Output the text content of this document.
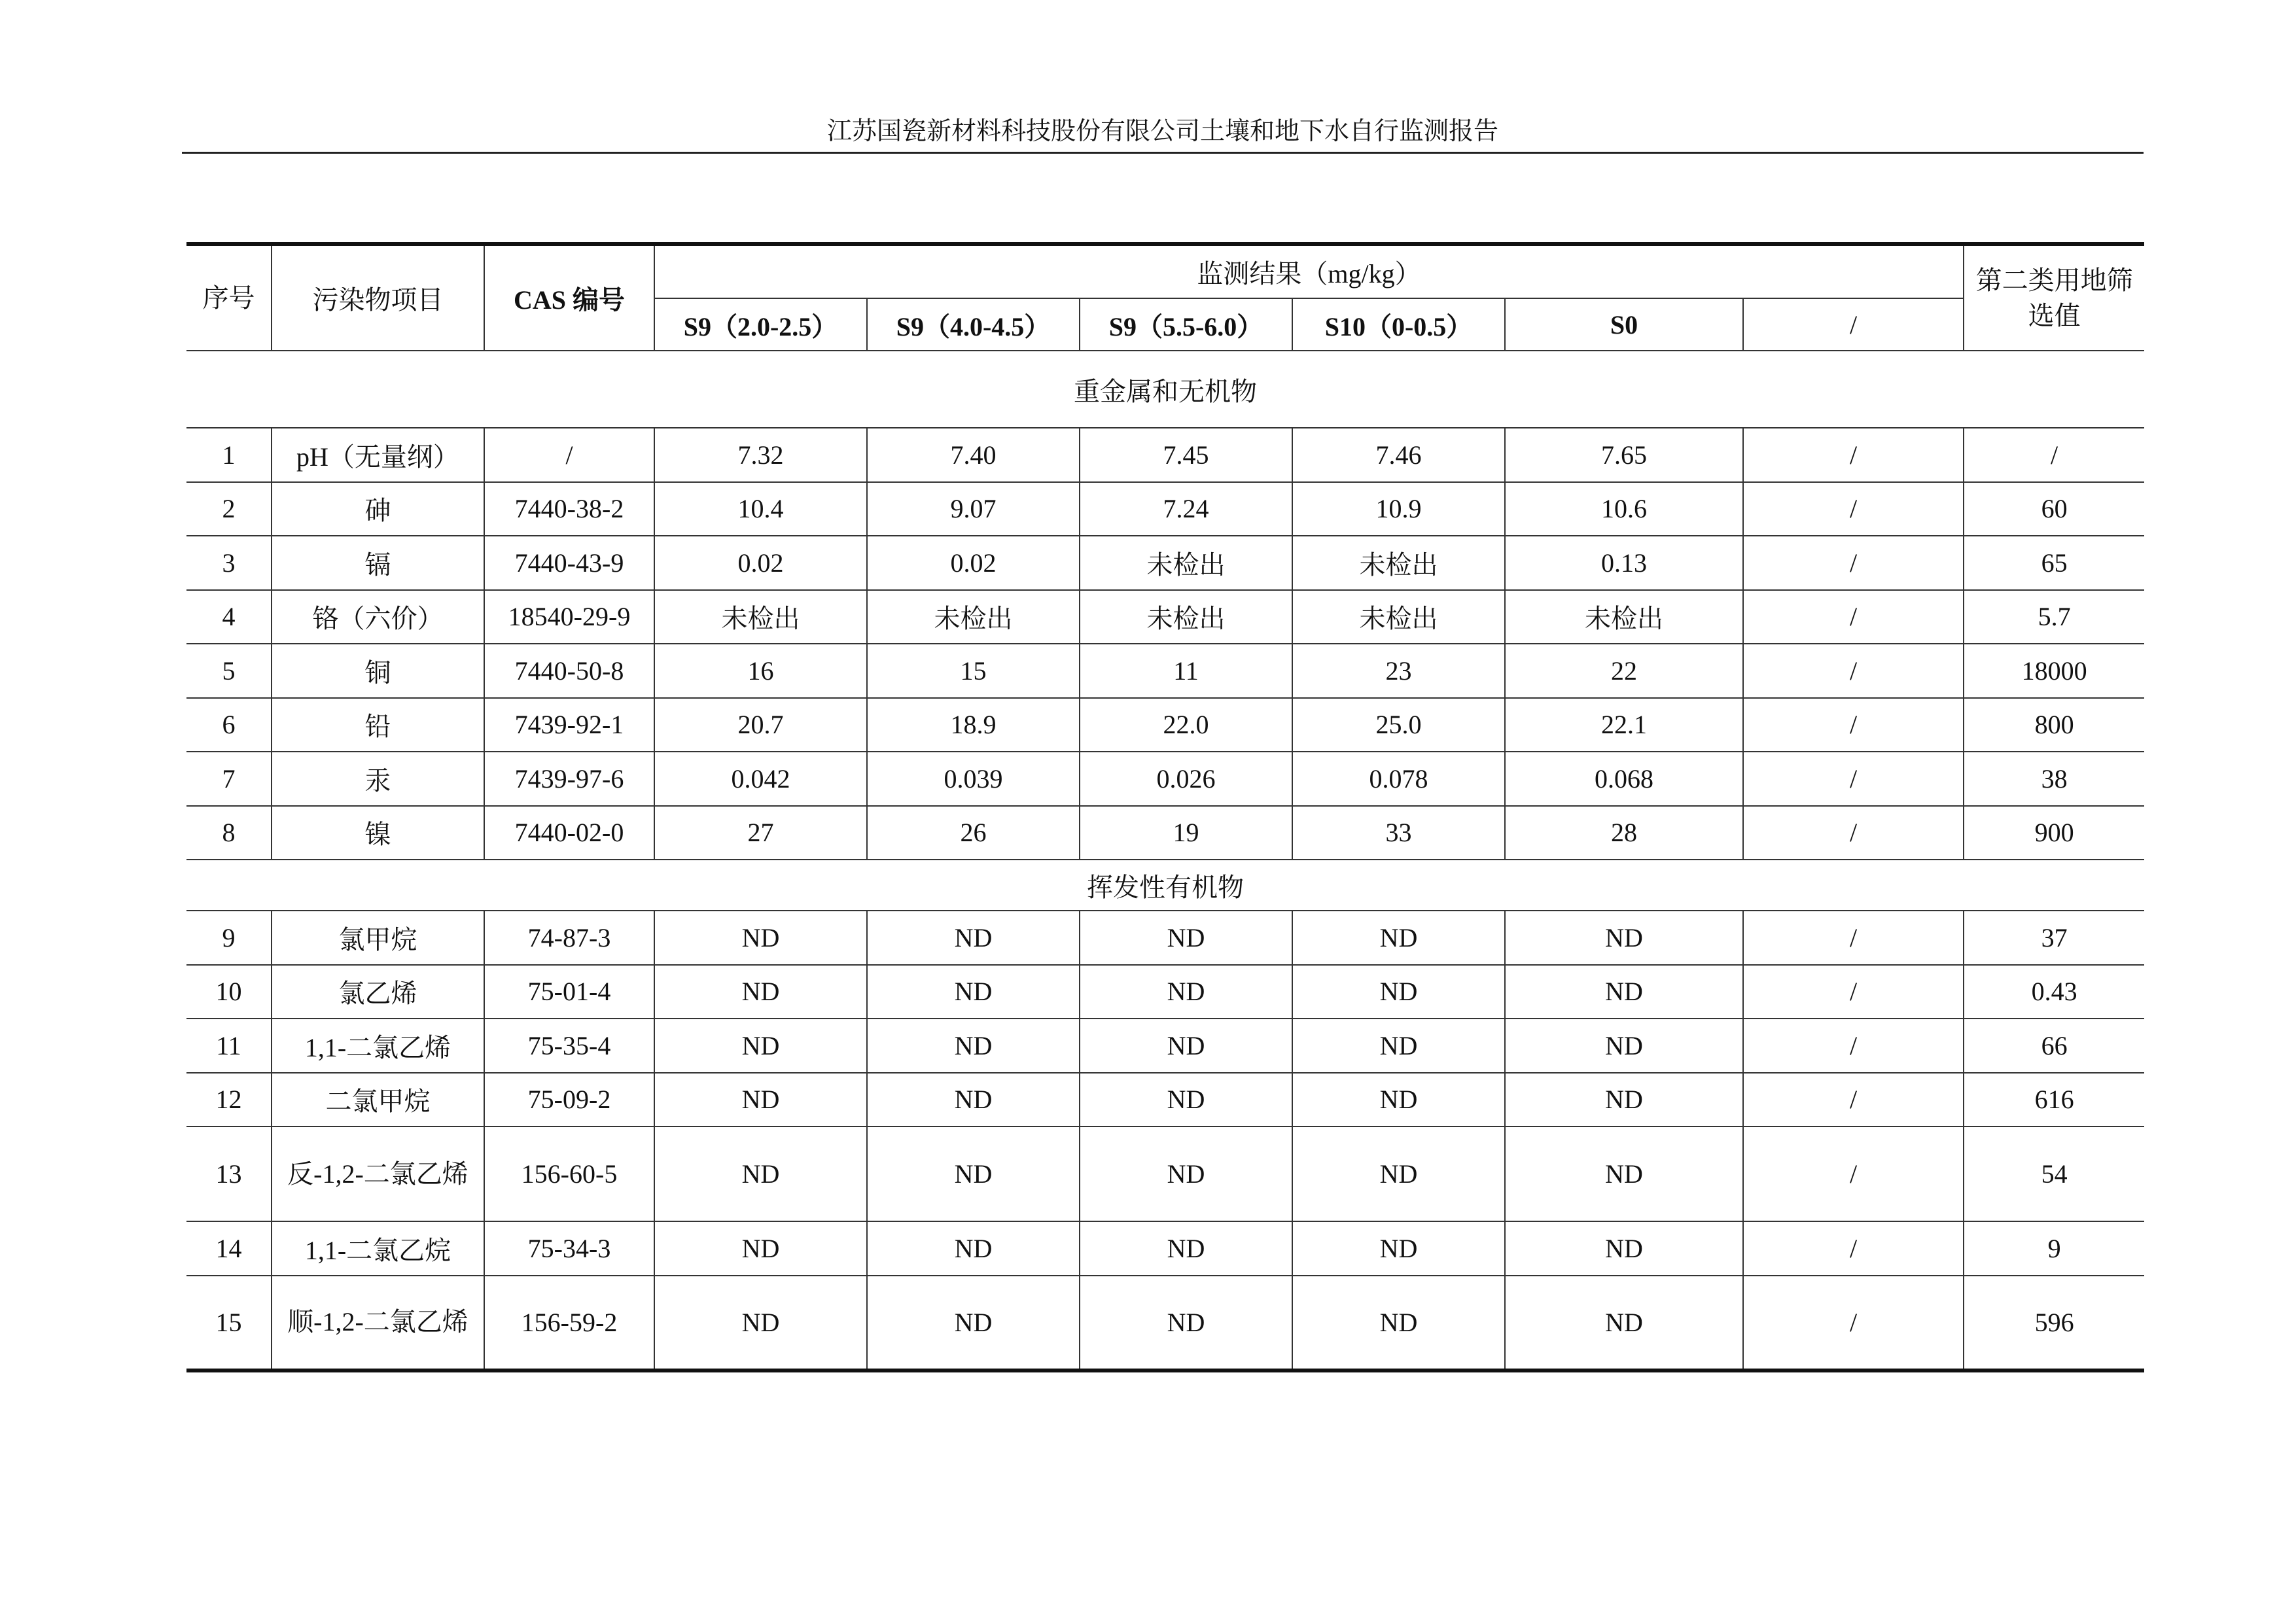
江苏国瓷新材料科技股份有限公司土壤和地下水自行监测报告
序号	污染物项目	CAS 编号	监测结果（mg/kg）						第二类用地筛选值
			S9（2.0-2.5）	S9（4.0-4.5）	S9（5.5-6.0）	S10（0-0.5）	S0	/	
重金属和无机物									
1	pH（无量纲）	/	7.32	7.40	7.45	7.46	7.65	/	/
2	砷	7440-38-2	10.4	9.07	7.24	10.9	10.6	/	60
3	镉	7440-43-9	0.02	0.02	未检出	未检出	0.13	/	65
4	铬（六价）	18540-29-9	未检出	未检出	未检出	未检出	未检出	/	5.7
5	铜	7440-50-8	16	15	11	23	22	/	18000
6	铅	7439-92-1	20.7	18.9	22.0	25.0	22.1	/	800
7	汞	7439-97-6	0.042	0.039	0.026	0.078	0.068	/	38
8	镍	7440-02-0	27	26	19	33	28	/	900
挥发性有机物									
9	氯甲烷	74-87-3	ND	ND	ND	ND	ND	/	37
10	氯乙烯	75-01-4	ND	ND	ND	ND	ND	/	0.43
11	1,1-二氯乙烯	75-35-4	ND	ND	ND	ND	ND	/	66
12	二氯甲烷	75-09-2	ND	ND	ND	ND	ND	/	616
13	反-1,2-二氯乙烯	156-60-5	ND	ND	ND	ND	ND	/	54
14	1,1-二氯乙烷	75-34-3	ND	ND	ND	ND	ND	/	9
15	顺-1,2-二氯乙烯	156-59-2	ND	ND	ND	ND	ND	/	596
